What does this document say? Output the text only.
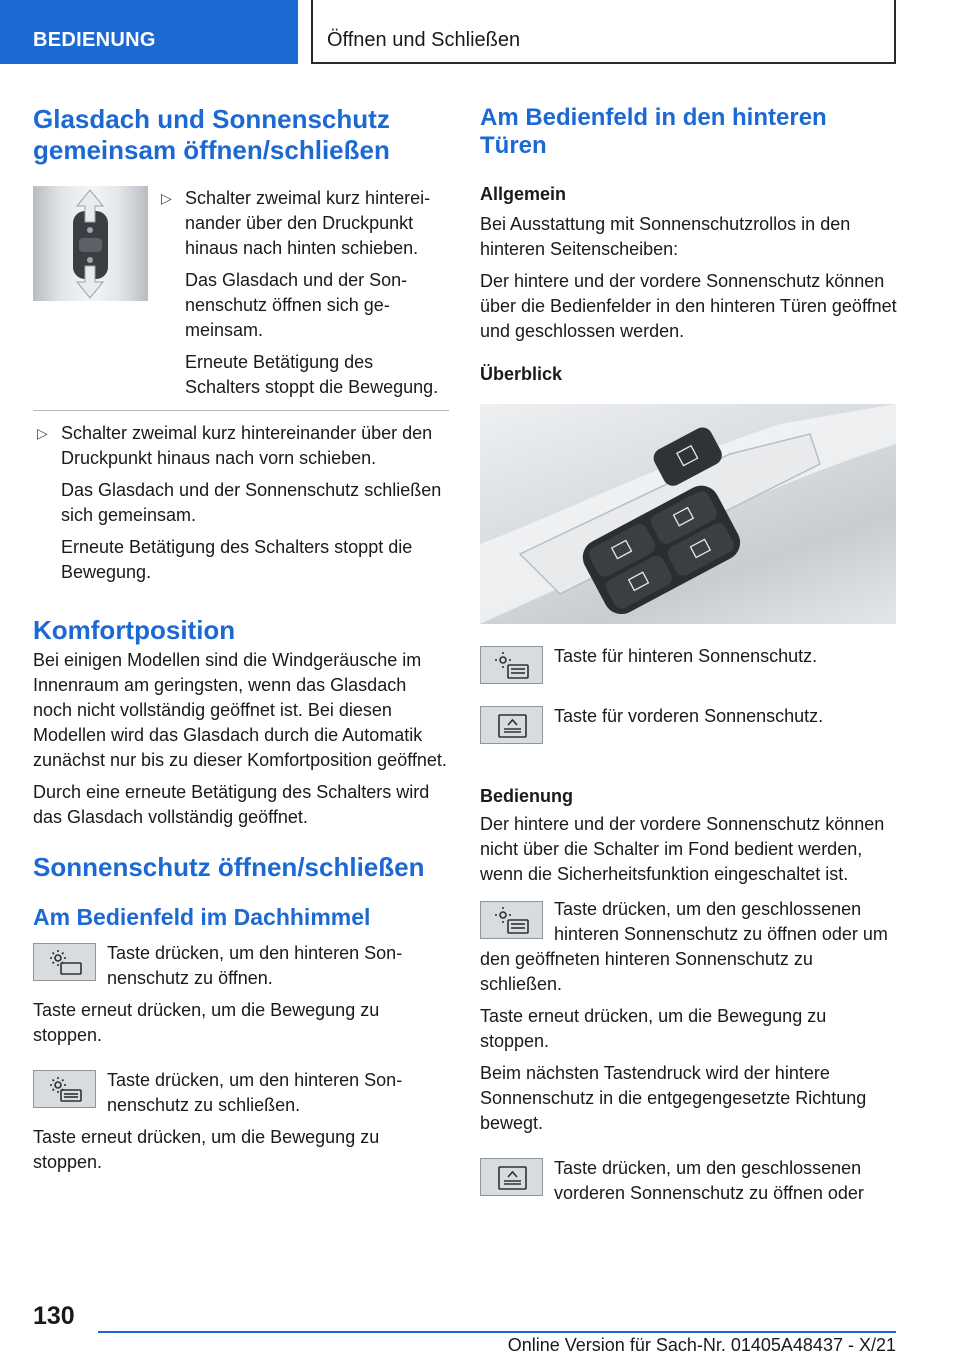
BEDIENUNG	Öffnen und Schließen
Glasdach und Sonnenschutz gemeinsam öffnen/schließen
▷ Schalter zweimal kurz hintereinander über den Druckpunkt hinaus nach hinten schieben.

Das Glasdach und der Sonnenschutz öffnen sich gemeinsam.

Erneute Betätigung des Schalters stoppt die Bewegung.

▷ Schalter zweimal kurz hintereinander über den Druckpunkt hinaus nach vorn schieben.

Das Glasdach und der Sonnenschutz schließen sich gemeinsam.

Erneute Betätigung des Schalters stoppt die Bewegung.

Komfortposition

Bei einigen Modellen sind die Windgeräusche im Innenraum am geringsten, wenn das Glasdach noch nicht vollständig geöffnet ist. Bei diesen Modellen wird das Glasdach durch die Automatik zunächst nur bis zu dieser Komfortposition geöffnet.

Durch eine erneute Betätigung des Schalters wird das Glasdach vollständig geöffnet.

Sonnenschutz öffnen/schließen
Am Bedienfeld im Dachhimmel

Taste drücken, um den hinteren Sonnenschutz zu öffnen.

Taste erneut drücken, um die Bewegung zu stoppen.

Taste drücken, um den hinteren Sonnenschutz zu schließen.

Taste erneut drücken, um die Bewegung zu stoppen.

Am Bedienfeld in den hinteren Türen
Allgemein

Bei Ausstattung mit Sonnenschutzrollos in den hinteren Seitenscheiben:

Der hintere und der vordere Sonnenschutz können über die Bedienfelder in den hinteren Türen geöffnet und geschlossen werden.

Überblick

Taste für hinteren Sonnenschutz.

Taste für vorderen Sonnenschutz.

Bedienung

Der hintere und der vordere Sonnenschutz können nicht über die Schalter im Fond bedient werden, wenn die Sicherheitsfunktion eingeschaltet ist.

Taste drücken, um den geschlossenen hinteren Sonnenschutz zu öffnen oder um den geöffneten hinteren Sonnenschutz zu schließen.

Taste erneut drücken, um die Bewegung zu stoppen.

Beim nächsten Tastendruck wird der hintere Sonnenschutz in die entgegengesetzte Richtung bewegt.

Taste drücken, um den geschlossenen vorderen Sonnenschutz zu öffnen oder

130
Online Version für Sach-Nr. 01405A48437 - X/21
